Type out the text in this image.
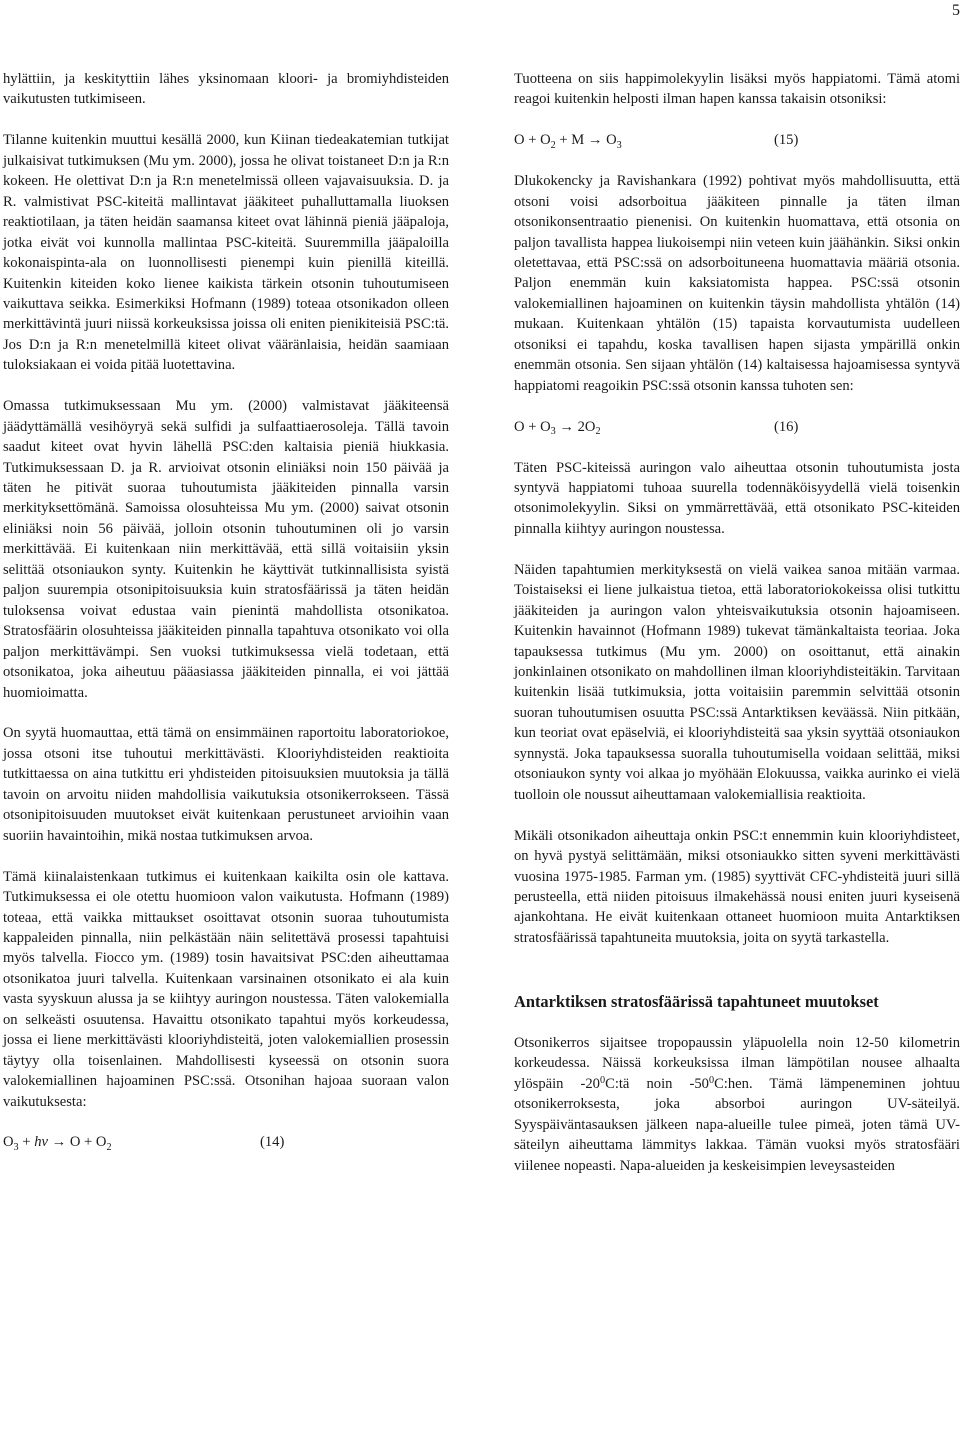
5

hylättiin, ja keskityttiin lähes yksinomaan kloori- ja bromiyhdisteiden vaikutusten tutkimiseen.

Tilanne kuitenkin muuttui kesällä 2000, kun Kiinan tiedeakatemian tutkijat julkaisivat tutkimuksen (Mu ym. 2000), jossa he olivat toistaneet D:n ja R:n kokeen. He olettivat D:n ja R:n menetelmissä olleen vajavaisuuksia. D. ja R. valmistivat PSC-kiteitä mallintavat jääkiteet puhalluttamalla liuoksen reaktiotilaan, ja täten heidän saamansa kiteet ovat lähinnä pieniä jääpaloja, jotka eivät voi kunnolla mallintaa PSC-kiteitä. Suuremmilla jääpaloilla kokonaispinta-ala on luonnollisesti pienempi kuin pienillä kiteillä. Kuitenkin kiteiden koko lienee kaikista tärkein otsonin tuhoutumiseen vaikuttava seikka. Esimerkiksi Hofmann (1989) toteaa otsonikadon olleen merkittävintä juuri niissä korkeuksissa joissa oli eniten pienikiteisiä PSC:tä. Jos D:n ja R:n menetelmillä kiteet olivat vääränlaisia, heidän saamiaan tuloksiakaan ei voida pitää luotettavina.

Omassa tutkimuksessaan Mu ym. (2000) valmistavat jääkiteensä jäädyttämällä vesihöyryä sekä sulfidi ja sulfaattiaerosoleja. Tällä tavoin saadut kiteet ovat hyvin lähellä PSC:den kaltaisia pieniä hiukkasia. Tutkimuksessaan D. ja R. arvioivat otsonin eliniäksi noin 150 päivää ja täten he pitivät suoraa tuhoutumista jääkiteiden pinnalla varsin merkityksettömänä. Samoissa olosuhteissa Mu ym. (2000) saivat otsonin eliniäksi noin 56 päivää, jolloin otsonin tuhoutuminen oli jo varsin merkittävää. Ei kuitenkaan niin merkittävää, että sillä voitaisiin yksin selittää otsoniaukon synty. Kuitenkin he käyttivät tutkinnallisista syistä paljon suurempia otsonipitoisuuksia kuin stratosfäärissä ja täten heidän tuloksensa voivat edustaa vain pienintä mahdollista otsonikatoa. Stratosfäärin olosuhteissa jääkiteiden pinnalla tapahtuva otsonikato voi olla paljon merkittävämpi. Sen vuoksi tutkimuksessa vielä todetaan, että otsonikatoa, joka aiheutuu pääasiassa jääkiteiden pinnalla, ei voi jättää huomioimatta.

On syytä huomauttaa, että tämä on ensimmäinen raportoitu laboratoriokoe, jossa otsoni itse tuhoutui merkittävästi. Klooriyhdisteiden reaktioita tutkittaessa on aina tutkittu eri yhdisteiden pitoisuuksien muutoksia ja tällä tavoin on arvoitu niiden mahdollisia vaikutuksia otsonikerrokseen. Tässä otsonipitoisuuden muutokset eivät kuitenkaan perustuneet arvioihin vaan suoriin havaintoihin, mikä nostaa tutkimuksen arvoa.

Tämä kiinalaistenkaan tutkimus ei kuitenkaan kaikilta osin ole kattava. Tutkimuksessa ei ole otettu huomioon valon vaikutusta. Hofmann (1989) toteaa, että vaikka mittaukset osoittavat otsonin suoraa tuhoutumista kappaleiden pinnalla, niin pelkästään näin selitettävä prosessi tapahtuisi myös talvella. Fiocco ym. (1989) tosin havaitsivat PSC:den aiheuttamaa otsonikatoa juuri talvella. Kuitenkaan varsinainen otsonikato ei ala kuin vasta syyskuun alussa ja se kiihtyy auringon noustessa. Täten valokemialla on selkeästi osuutensa. Havaittu otsonikato tapahtui myös korkeudessa, jossa ei liene merkittävästi klooriyhdisteitä, joten valokemiallien prosessin täytyy olla toisenlainen. Mahdollisesti kyseessä on otsonin suora valokemiallinen hajoaminen PSC:ssä. Otsonihan hajoaa suoraan valon vaikutuksesta:

$O_3$ + hv → $O + O_2$	(14)

Tuotteena on siis happimolekyylin lisäksi myös happiatomi. Tämä atomi reagoi kuitenkin helposti ilman hapen kanssa takaisin otsoniksi:

$O + O_2 + M \to O_3$	(15)

Dlukokencky ja Ravishankara (1992) pohtivat myös mahdollisuutta, että otsoni voisi adsorboitua jääkiteen pinnalle ja täten ilman otsonikonsentraatio pienenisi. On kuitenkin huomattava, että otsonia on paljon tavallista happea liukoisempi niin veteen kuin jäähänkin. Siksi onkin oletettavaa, että PSC:ssä on adsorboituneena huomattavia määriä otsonia. Paljon enemmän kuin kaksiatomista happea. PSC:ssä otsonin valokemiallinen hajoaminen on kuitenkin täysin mahdollista yhtälön (14) mukaan. Kuitenkaan yhtälön (15) tapaista korvautumista uudelleen otsoniksi ei tapahdu, koska tavallisen hapen sijasta ympärillä onkin enemmän otsonia. Sen sijaan yhtälön (14) kaltaisessa hajoamisessa syntyvä happiatomi reagoikin PSC:ssä otsonin kanssa tuhoten sen:

$O + O_3 \to 2O_2$	(16)

Täten PSC-kiteissä auringon valo aiheuttaa otsonin tuhoutumista josta syntyvä happiatomi tuhoaa suurella todennäköisyydellä vielä toisenkin otsonimolekyylin. Siksi on ymmärrettävää, että otsonikato PSC-kiteiden pinnalla kiihtyy auringon noustessa.

Näiden tapahtumien merkityksestä on vielä vaikea sanoa mitään varmaa. Toistaiseksi ei liene julkaistua tietoa, että laboratoriokokeissa olisi tutkittu jääkiteiden ja auringon valon yhteisvaikutuksia otsonin hajoamiseen. Kuitenkin havainnot (Hofmann 1989) tukevat tämänkaltaista teoriaa. Joka tapauksessa tutkimus (Mu ym. 2000) on osoittanut, että ainakin jonkinlainen otsonikato on mahdollinen ilman klooriyhdisteitäkin. Tarvitaan kuitenkin lisää tutkimuksia, jotta voitaisiin paremmin selvittää otsonin suoran tuhoutumisen osuutta PSC:ssä Antarktiksen keväässä. Niin pitkään, kun teoriat ovat epäselviä, ei klooriyhdisteitä saa yksin syyttää otsoniaukon synnystä. Joka tapauksessa suoralla tuhoutumisella voidaan selittää, miksi otsoniaukon synty voi alkaa jo myöhään Elokuussa, vaikka aurinko ei vielä tuolloin ole noussut aiheuttamaan valokemiallisia reaktioita.

Mikäli otsonikadon aiheuttaja onkin PSC:t ennemmin kuin klooriyhdisteet, on hyvä pystyä selittämään, miksi otsoniaukko sitten syveni merkittävästi vuosina 1975-1985. Farman ym. (1985) syyttivät CFC-yhdisteitä juuri sillä perusteella, että niiden pitoisuus ilmakehässä nousi eniten juuri kyseisenä ajankohtana. He eivät kuitenkaan ottaneet huomioon muita Antarktiksen stratosfäärissä tapahtuneita muutoksia, joita on syytä tarkastella.

Antarktiksen stratosfäärissä tapahtuneet muutokset

Otsonikerros sijaitsee tropopaussin yläpuolella noin 12-50 kilometrin korkeudessa. Näissä korkeuksissa ilman lämpötilan nousee alhaalta ylöspäin $-20^0C:tä$ noin $-50^0C:hen$. Tämä lämpeneminen johtuu otsonikerroksesta, joka absorboi auringon UV-säteilyä. Syyspäiväntasauksen jälkeen napa-alueille tulee pimeä, joten tämä UV-säteilyn aiheuttama lämmitys lakkaa. Tämän vuoksi myös stratosfääri viilenee nopeasti. Napa-alueiden ja keskeisimpien leveysasteiden
